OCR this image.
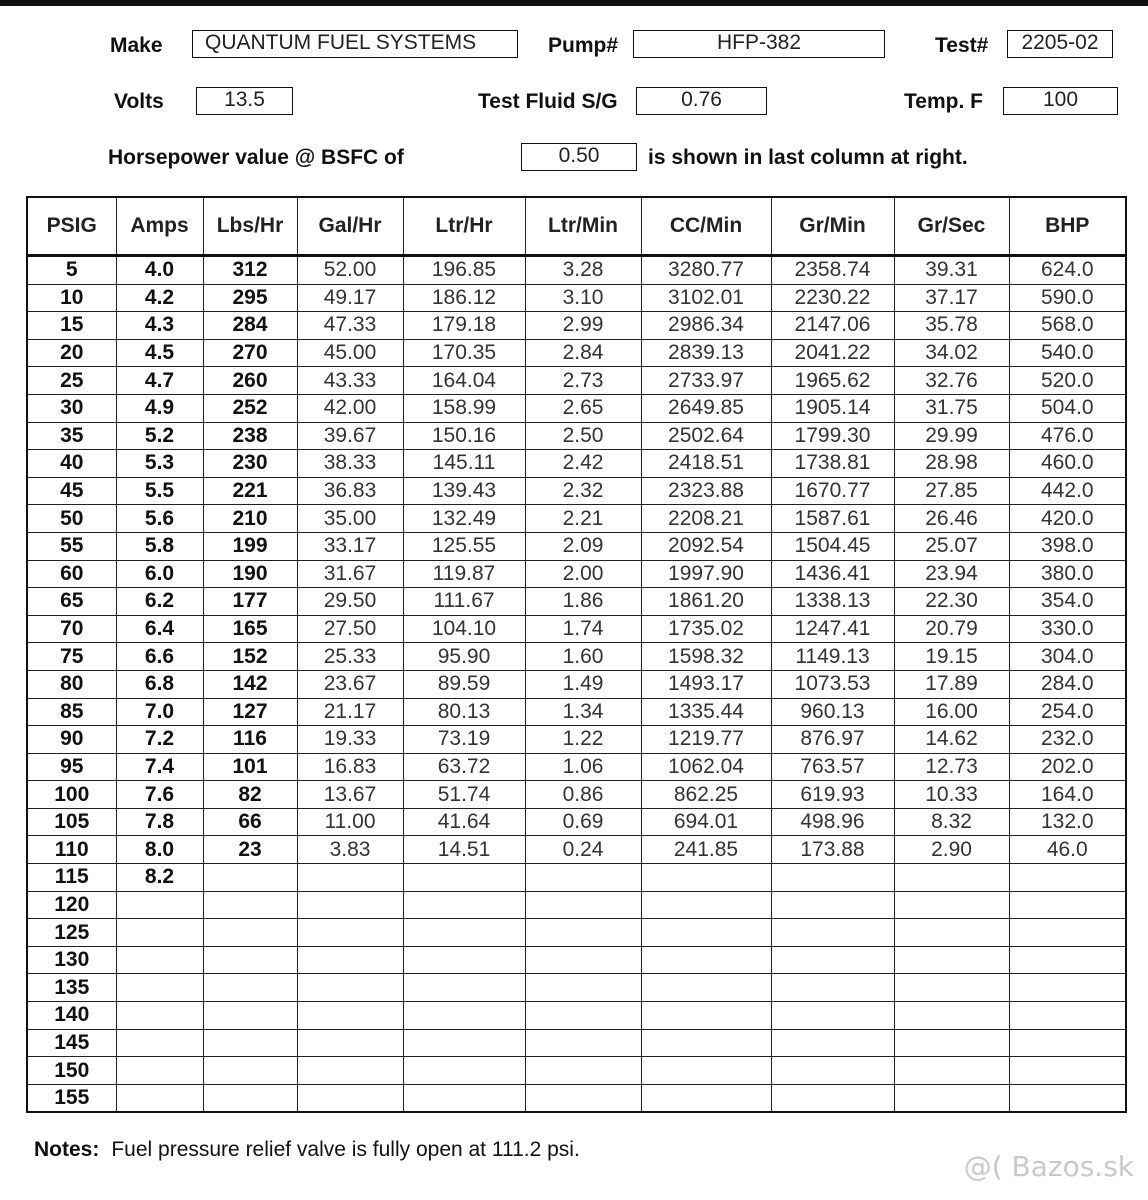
Make	QUANTUM FUEL SYSTEMS	Pump#	HFP-382	Test#	2205-02
Volts	13.5	Test Fluid S/G	0.76	Temp. F	100
Horsepower value @ BSFC of	0.50	is shown in last column at right.
PSIG	Amps	Lbs/Hr	Gal/Hr	Ltr/Hr	Ltr/Min	CC/Min	Gr/Min	Gr/Sec	BHP
5	4.0	312	52.00	196.85	3.28	3280.77	2358.74	39.31	624.0
10	4.2	295	49.17	186.12	3.10	3102.01	2230.22	37.17	590.0
15	4.3	284	47.33	179.18	2.99	2986.34	2147.06	35.78	568.0
20	4.5	270	45.00	170.35	2.84	2839.13	2041.22	34.02	540.0
25	4.7	260	43.33	164.04	2.73	2733.97	1965.62	32.76	520.0
30	4.9	252	42.00	158.99	2.65	2649.85	1905.14	31.75	504.0
35	5.2	238	39.67	150.16	2.50	2502.64	1799.30	29.99	476.0
40	5.3	230	38.33	145.11	2.42	2418.51	1738.81	28.98	460.0
45	5.5	221	36.83	139.43	2.32	2323.88	1670.77	27.85	442.0
50	5.6	210	35.00	132.49	2.21	2208.21	1587.61	26.46	420.0
55	5.8	199	33.17	125.55	2.09	2092.54	1504.45	25.07	398.0
60	6.0	190	31.67	119.87	2.00	1997.90	1436.41	23.94	380.0
65	6.2	177	29.50	111.67	1.86	1861.20	1338.13	22.30	354.0
70	6.4	165	27.50	104.10	1.74	1735.02	1247.41	20.79	330.0
75	6.6	152	25.33	95.90	1.60	1598.32	1149.13	19.15	304.0
80	6.8	142	23.67	89.59	1.49	1493.17	1073.53	17.89	284.0
85	7.0	127	21.17	80.13	1.34	1335.44	960.13	16.00	254.0
90	7.2	116	19.33	73.19	1.22	1219.77	876.97	14.62	232.0
95	7.4	101	16.83	63.72	1.06	1062.04	763.57	12.73	202.0
100	7.6	82	13.67	51.74	0.86	862.25	619.93	10.33	164.0
105	7.8	66	11.00	41.64	0.69	694.01	498.96	8.32	132.0
110	8.0	23	3.83	14.51	0.24	241.85	173.88	2.90	46.0
115	8.2								
120									
125									
130									
135									
140									
145									
150									
155									
Notes: Fuel pressure relief valve is fully open at 111.2 psi.
@( Bazos.sk
